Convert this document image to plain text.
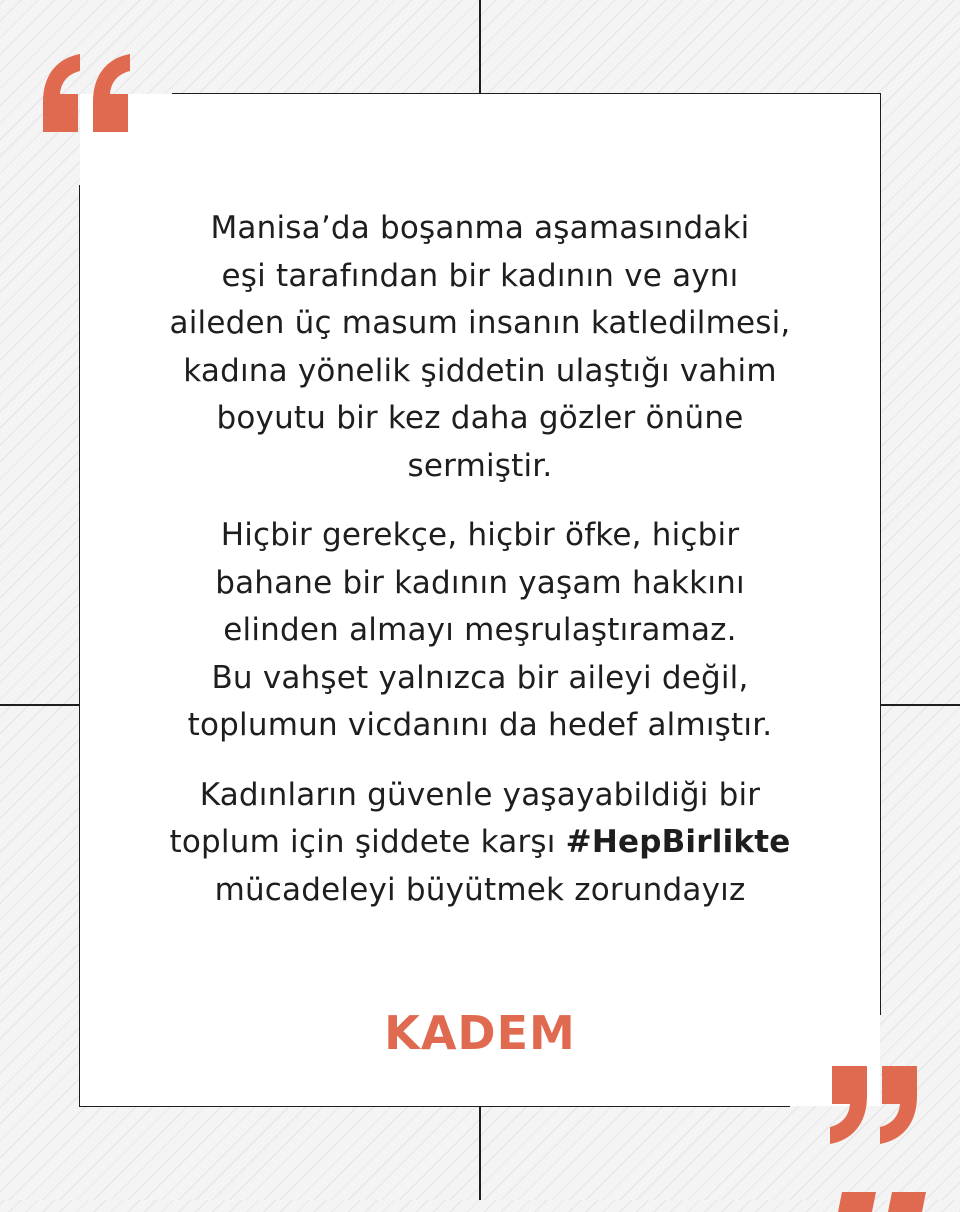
Manisa’da boşanma aşamasındaki
eşi tarafından bir kadının ve aynı
aileden üç masum insanın katledilmesi,
kadına yönelik şiddetin ulaştığı vahim
boyutu bir kez daha gözler önüne
sermiştir.

Hiçbir gerekçe, hiçbir öfke, hiçbir
bahane bir kadının yaşam hakkını
elinden almayı meşrulaştıramaz.
Bu vahşet yalnızca bir aileyi değil,
toplumun vicdanını da hedef almıştır.

Kadınların güvenle yaşayabildiği bir
toplum için şiddete karşı #HepBirlikte
mücadeleyi büyütmek zorundayız

KADEM
